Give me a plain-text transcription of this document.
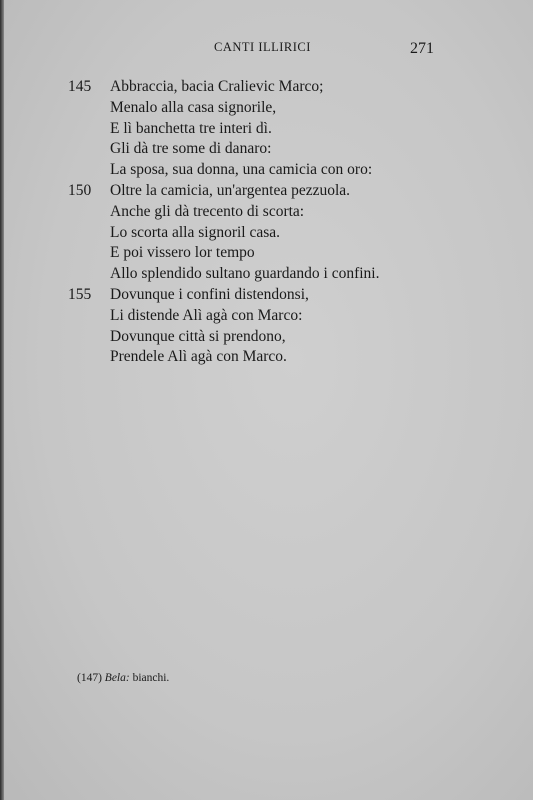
CANTI ILLIRICI	271
145	Abbraccia, bacia Cralievic Marco;
Menalo alla casa signorile,
E lì banchetta tre interi dì.
Gli dà tre some di danaro:
La sposa, sua donna, una camicia con oro:
150	Oltre la camicia, un'argentea pezzuola.
Anche gli dà trecento di scorta:
Lo scorta alla signoril casa.
E poi vissero lor tempo
Allo splendido sultano guardando i confini.
155	Dovunque i confini distendonsi,
Li distende Alì agà con Marco:
Dovunque città si prendono,
Prendele Alì agà con Marco.
(147) Bela: bianchi.
